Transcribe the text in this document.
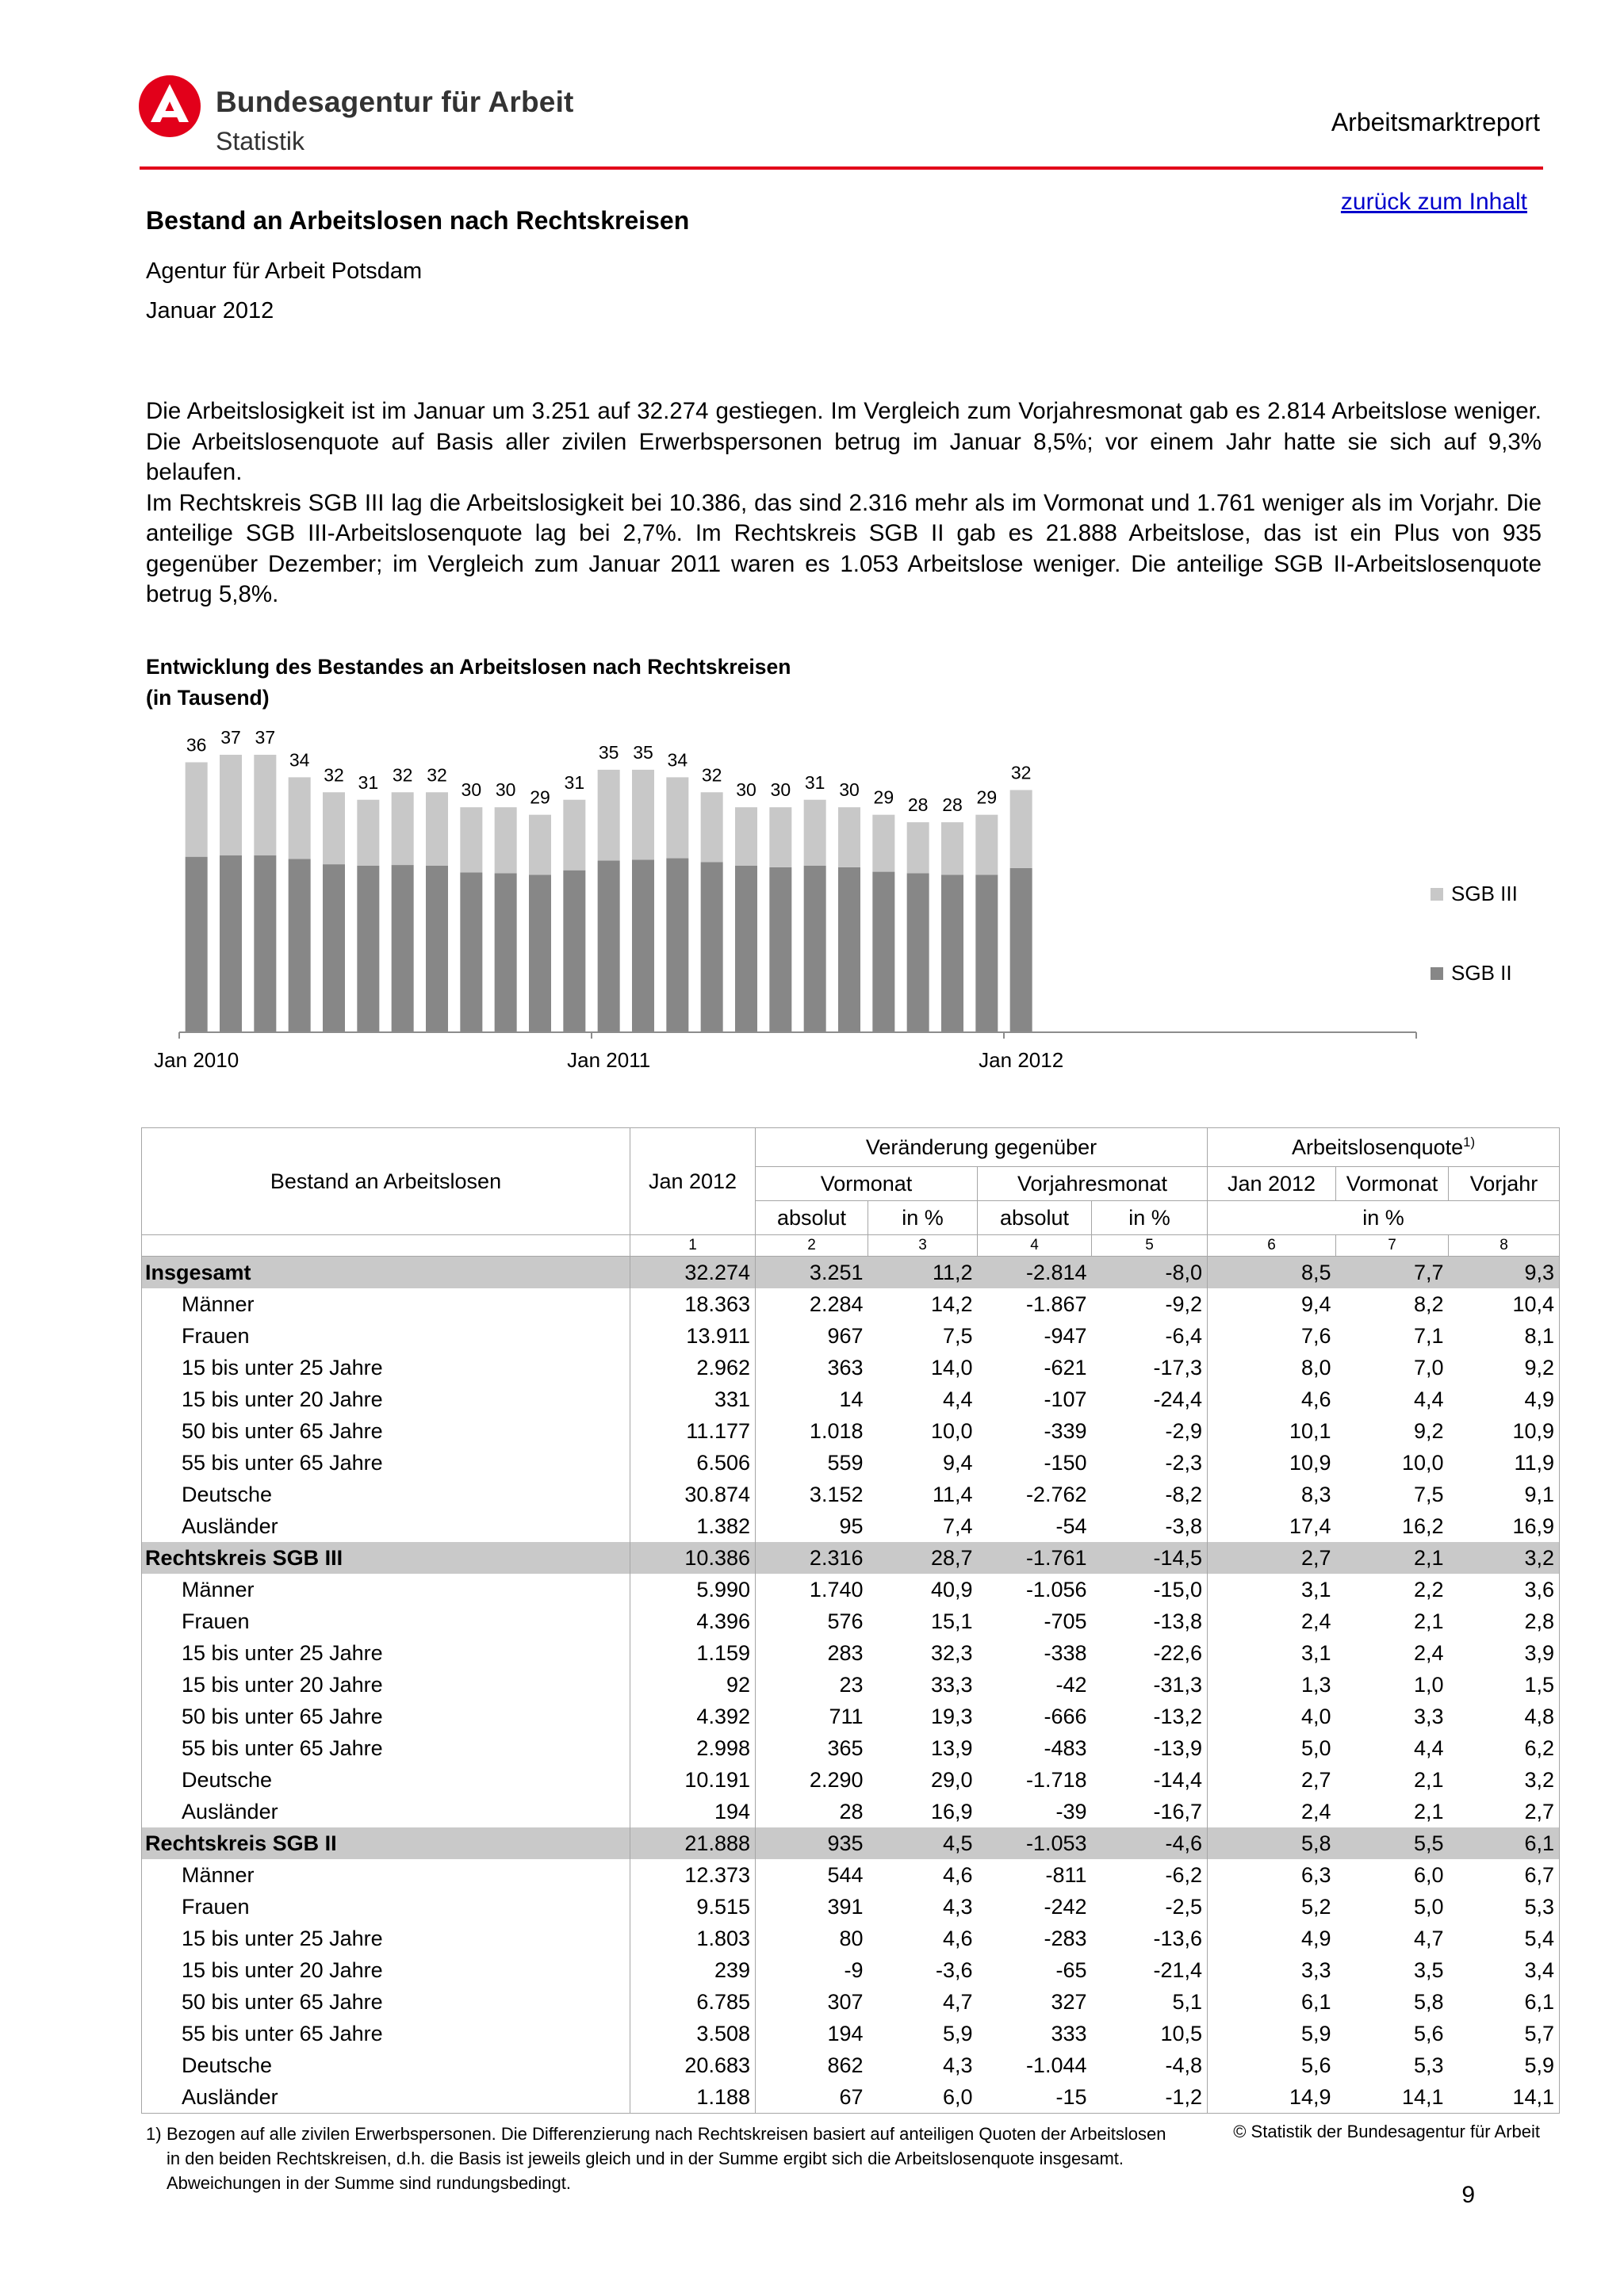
Bundesagentur für Arbeit
Statistik
Arbeitsmarktreport
zurück zum Inhalt
Bestand an Arbeitslosen nach Rechtskreisen
Agentur für Arbeit Potsdam
Januar 2012

Die Arbeitslosigkeit ist im Januar um 3.251 auf 32.274 gestiegen. Im Vergleich zum Vorjahresmonat gab es 2.814 Arbeitslose weniger. Die Arbeitslosenquote auf Basis aller zivilen Erwerbspersonen betrug im Januar 8,5%; vor einem Jahr hatte sie sich auf 9,3% belaufen.

Im Rechtskreis SGB III lag die Arbeitslosigkeit bei 10.386, das sind 2.316 mehr als im Vormonat und 1.761 weniger als im Vorjahr. Die anteilige SGB III-Arbeitslosenquote lag bei 2,7%. Im Rechtskreis SGB II gab es 21.888 Arbeitslose, das ist ein Plus von 935 gegenüber Dezember; im Vergleich zum Januar 2011 waren es 1.053 Arbeitslose weniger. Die anteilige SGB II-Arbeitslosenquote betrug 5,8%.

Entwicklung des Bestandes an Arbeitslosen nach Rechtskreisen
(in Tausend)
36 37 37
34
32 31 32 32
30 30 29
31
35 35 34
32
30 30 31 30 29 28 28 29
32
Jan 2010	Jan 2011	Jan 2012
SGB III
SGB II
Bestand an Arbeitslosen	Jan 2012	Veränderung gegenüber				Arbeitslosenquote$^{1)}$
		Vormonat		Vorjahresmonat		Jan 2012	Vormonat	Vorjahr
		absolut	in %	absolut	in %	in %		
	1	2	3	4	5	6	7	8
Insgesamt	32.274	3.251	11,2	-2.814	-8,0	8,5	7,7	9,3
Männer	18.363	2.284	14,2	-1.867	-9,2	9,4	8,2	10,4
Frauen	13.911	967	7,5	-947	-6,4	7,6	7,1	8,1
15 bis unter 25 Jahre	2.962	363	14,0	-621	-17,3	8,0	7,0	9,2
15 bis unter 20 Jahre	331	14	4,4	-107	-24,4	4,6	4,4	4,9
50 bis unter 65 Jahre	11.177	1.018	10,0	-339	-2,9	10,1	9,2	10,9
55 bis unter 65 Jahre	6.506	559	9,4	-150	-2,3	10,9	10,0	11,9
Deutsche	30.874	3.152	11,4	-2.762	-8,2	8,3	7,5	9,1
Ausländer	1.382	95	7,4	-54	-3,8	17,4	16,2	16,9
Rechtskreis SGB III	10.386	2.316	28,7	-1.761	-14,5	2,7	2,1	3,2
Männer	5.990	1.740	40,9	-1.056	-15,0	3,1	2,2	3,6
Frauen	4.396	576	15,1	-705	-13,8	2,4	2,1	2,8
15 bis unter 25 Jahre	1.159	283	32,3	-338	-22,6	3,1	2,4	3,9
15 bis unter 20 Jahre	92	23	33,3	-42	-31,3	1,3	1,0	1,5
50 bis unter 65 Jahre	4.392	711	19,3	-666	-13,2	4,0	3,3	4,8
55 bis unter 65 Jahre	2.998	365	13,9	-483	-13,9	5,0	4,4	6,2
Deutsche	10.191	2.290	29,0	-1.718	-14,4	2,7	2,1	3,2
Ausländer	194	28	16,9	-39	-16,7	2,4	2,1	2,7
Rechtskreis SGB II	21.888	935	4,5	-1.053	-4,6	5,8	5,5	6,1
Männer	12.373	544	4,6	-811	-6,2	6,3	6,0	6,7
Frauen	9.515	391	4,3	-242	-2,5	5,2	5,0	5,3
15 bis unter 25 Jahre	1.803	80	4,6	-283	-13,6	4,9	4,7	5,4
15 bis unter 20 Jahre	239	-9	-3,6	-65	-21,4	3,3	3,5	3,4
50 bis unter 65 Jahre	6.785	307	4,7	327	5,1	6,1	5,8	6,1
55 bis unter 65 Jahre	3.508	194	5,9	333	10,5	5,9	5,6	5,7
Deutsche	20.683	862	4,3	-1.044	-4,8	5,6	5,3	5,9
Ausländer	1.188	67	6,0	-15	-1,2	14,9	14,1	14,1
1) Bezogen auf alle zivilen Erwerbspersonen. Die Differenzierung nach Rechtskreisen basiert auf anteiligen Quoten der Arbeitslosen in den beiden Rechtskreisen, d.h. die Basis ist jeweils gleich und in der Summe ergibt sich die Arbeitslosenquote insgesamt. Abweichungen in der Summe sind rundungsbedingt.
© Statistik der Bundesagentur für Arbeit
9
